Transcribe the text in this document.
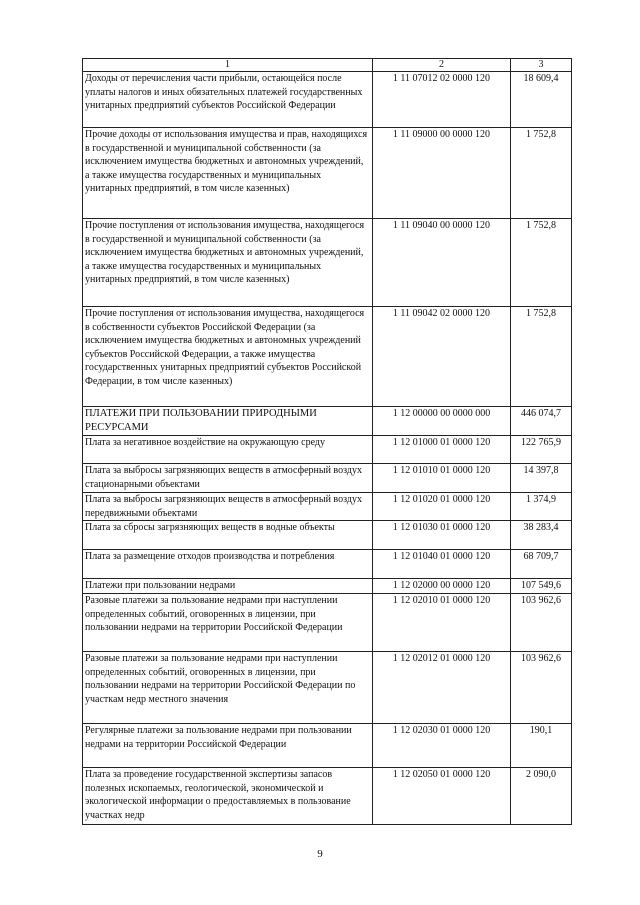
1	2	3
Доходы от перечисления части прибыли, остающейся после уплаты налогов и иных обязательных платежей государственных унитарных предприятий субъектов Российской Федерации	1 11 07012 02 0000 120	18 609,4
Прочие доходы от использования имущества и прав, находящихся в государственной и муниципальной собственности (за исключением имущества бюджетных и автономных учреждений, а также имущества государственных и муниципальных унитарных предприятий, в том числе казенных)	1 11 09000 00 0000 120	1 752,8
Прочие поступления от использования имущества, находящегося в государственной и муниципальной собственности (за исключением имущества бюджетных и автономных учреждений, а также имущества государственных и муниципальных унитарных предприятий, в том числе казенных)	1 11 09040 00 0000 120	1 752,8
Прочие поступления от использования имущества, находящегося в собственности субъектов Российской Федерации (за исключением имущества бюджетных и автономных учреждений субъектов Российской Федерации, а также имущества государственных унитарных предприятий субъектов Российской Федерации, в том числе казенных)	1 11 09042 02 0000 120	1 752,8
ПЛАТЕЖИ ПРИ ПОЛЬЗОВАНИИ ПРИРОДНЫМИ РЕСУРСАМИ	1 12 00000 00 0000 000	446 074,7
Плата за негативное воздействие на окружающую среду	1 12 01000 01 0000 120	122 765,9
Плата за выбросы загрязняющих веществ в атмосферный воздух стационарными объектами	1 12 01010 01 0000 120	14 397,8
Плата за выбросы загрязняющих веществ в атмосферный воздух передвижными объектами	1 12 01020 01 0000 120	1 374,9
Плата за сбросы загрязняющих веществ в водные объекты	1 12 01030 01 0000 120	38 283,4
Плата за размещение отходов производства и потребления	1 12 01040 01 0000 120	68 709,7
Платежи при пользовании недрами	1 12 02000 00 0000 120	107 549,6
Разовые платежи за пользование недрами при наступлении определенных событий, оговоренных в лицензии, при пользовании недрами на территории Российской Федерации	1 12 02010 01 0000 120	103 962,6
Разовые платежи за пользование недрами при наступлении определенных событий, оговоренных в лицензии, при пользовании недрами на территории Российской Федерации по участкам недр местного значения	1 12 02012 01 0000 120	103 962,6
Регулярные платежи за пользование недрами при пользовании недрами на территории Российской Федерации	1 12 02030 01 0000 120	190,1
Плата за проведение государственной экспертизы запасов полезных ископаемых, геологической, экономической и экологической информации о предоставляемых в пользование участках недр	1 12 02050 01 0000 120	2 090,0
9
